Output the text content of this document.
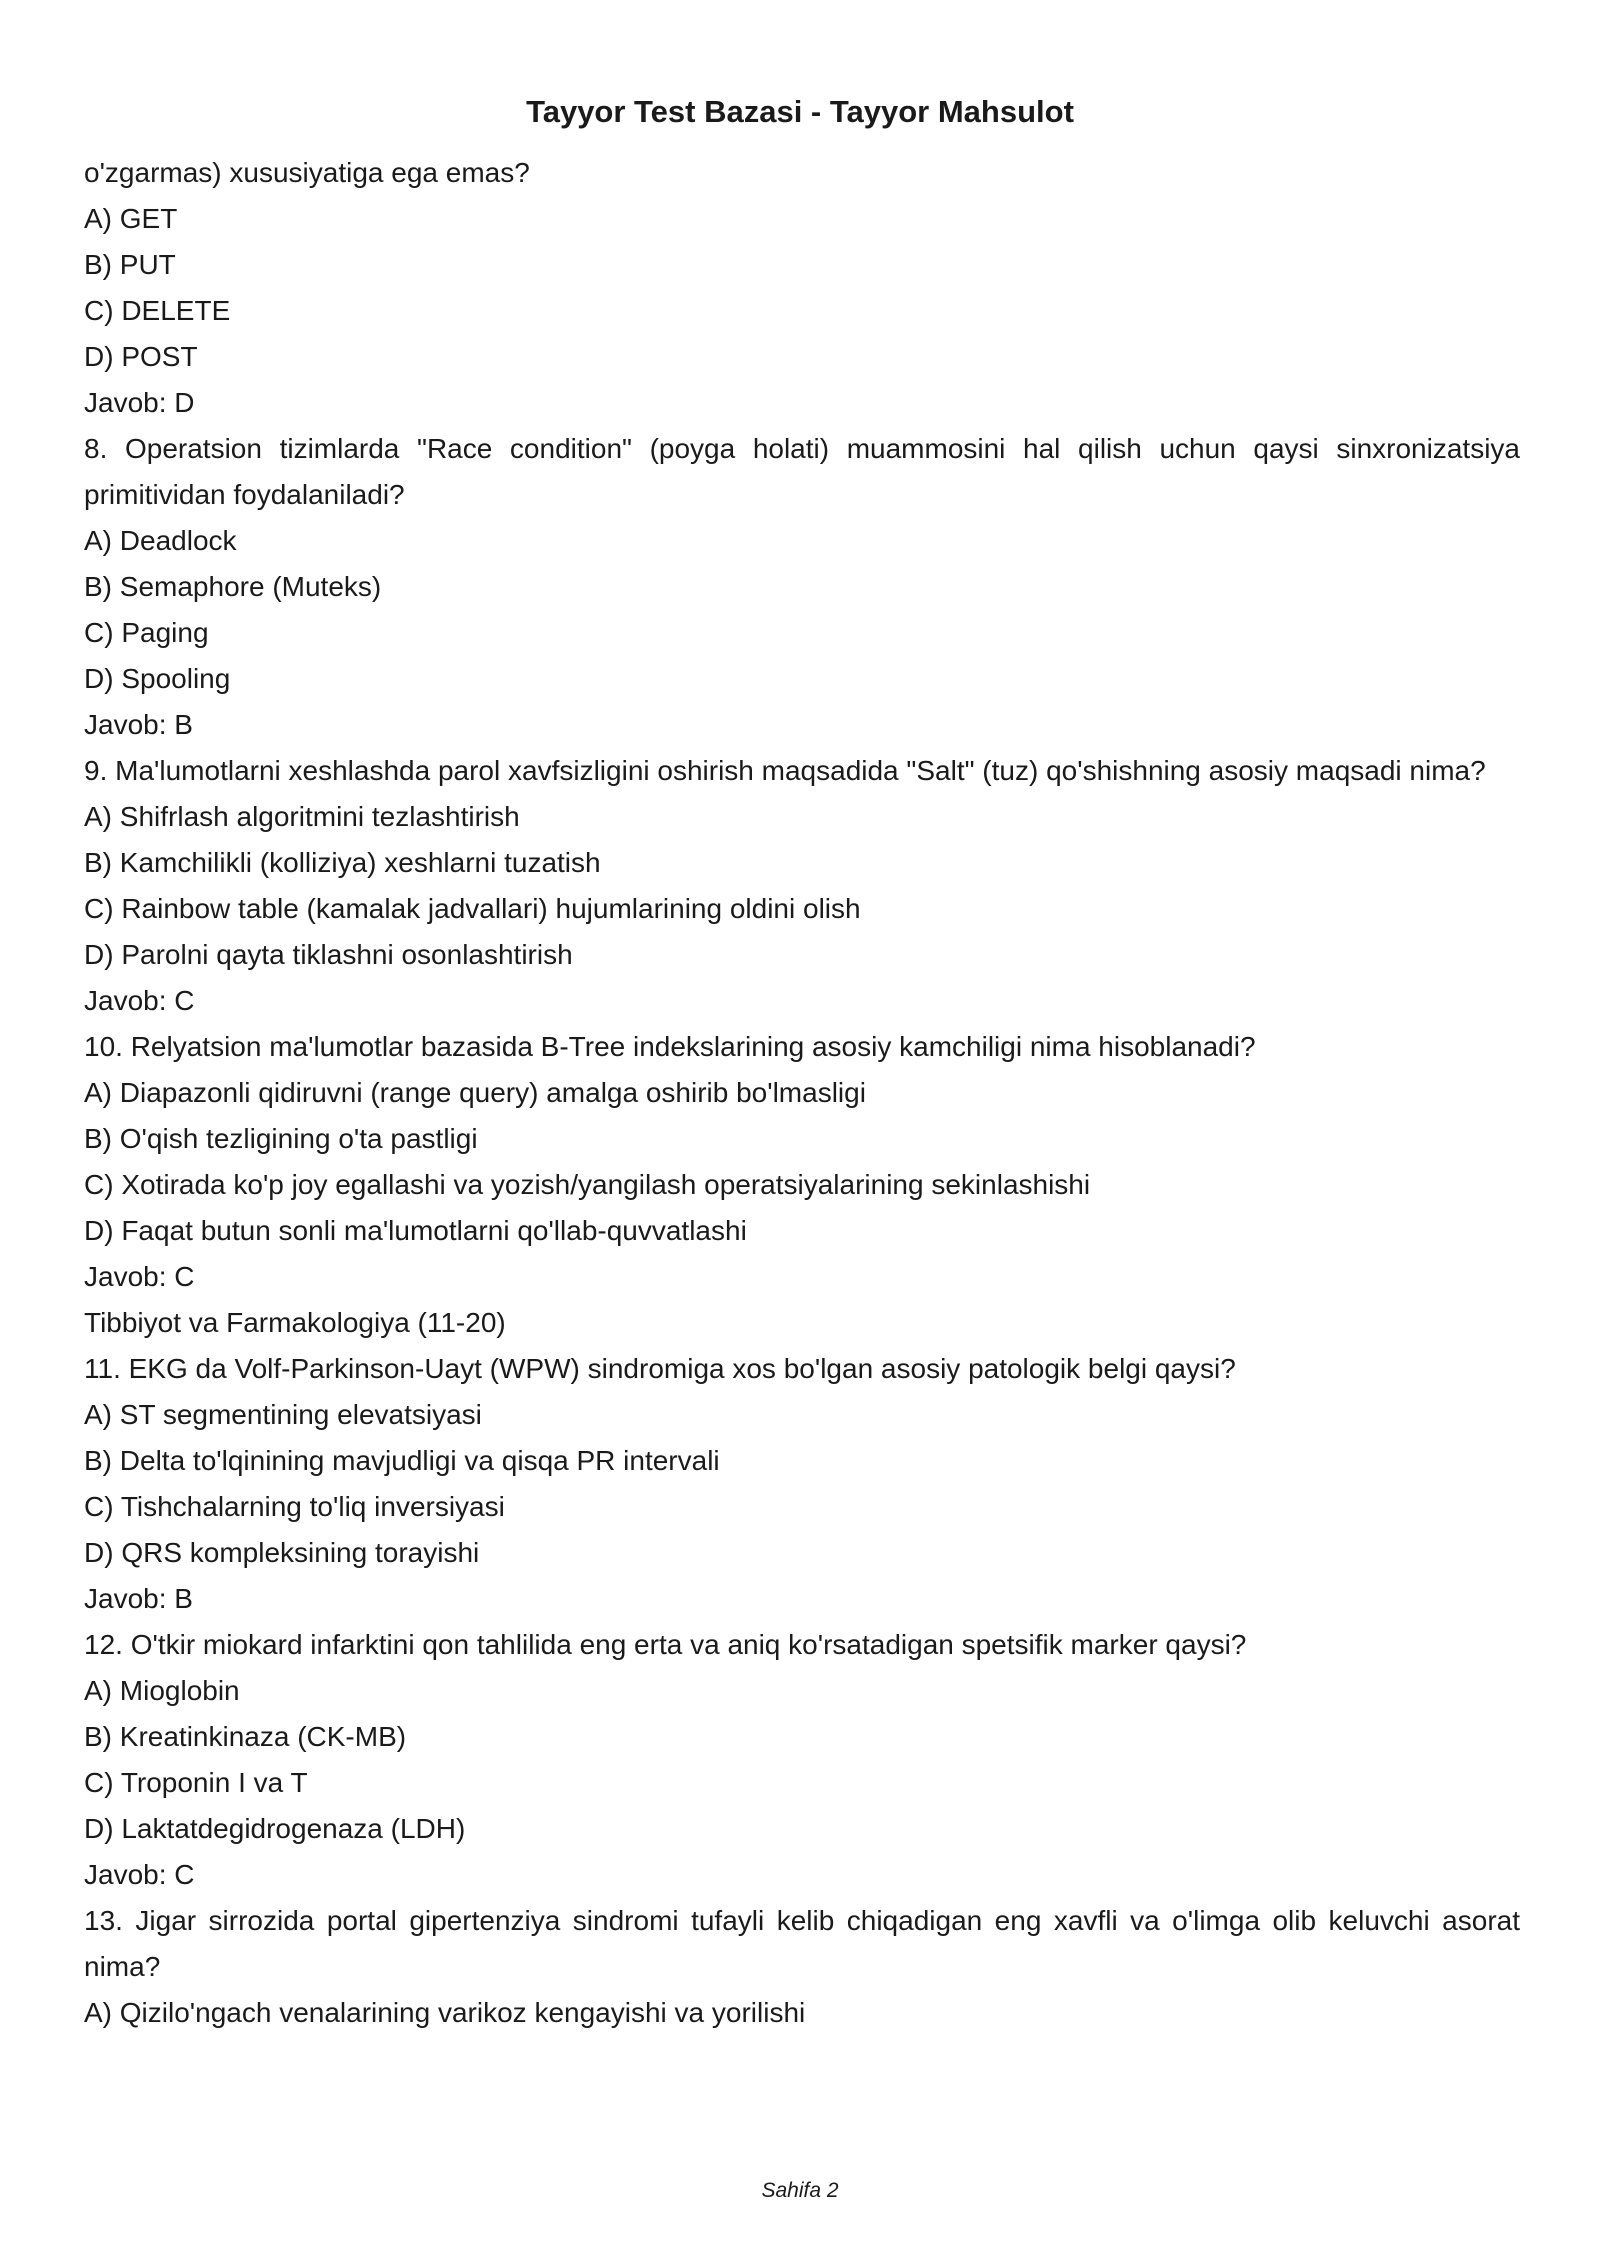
Tayyor Test Bazasi - Tayyor Mahsulot

o'zgarmas) xususiyatiga ega emas?

A) GET

B) PUT

C) DELETE

D) POST

Javob: D

8. Operatsion tizimlarda "Race condition" (poyga holati) muammosini hal qilish uchun qaysi sinxronizatsiya primitividan foydalaniladi?

A) Deadlock

B) Semaphore (Muteks)

C) Paging

D) Spooling

Javob: B

9. Ma'lumotlarni xeshlashda parol xavfsizligini oshirish maqsadida "Salt" (tuz) qo'shishning asosiy maqsadi nima?

A) Shifrlash algoritmini tezlashtirish

B) Kamchilikli (kolliziya) xeshlarni tuzatish

C) Rainbow table (kamalak jadvallari) hujumlarining oldini olish

D) Parolni qayta tiklashni osonlashtirish

Javob: C

10. Relyatsion ma'lumotlar bazasida B-Tree indekslarining asosiy kamchiligi nima hisoblanadi?

A) Diapazonli qidiruvni (range query) amalga oshirib bo'lmasligi

B) O'qish tezligining o'ta pastligi

C) Xotirada ko'p joy egallashi va yozish/yangilash operatsiyalarining sekinlashishi

D) Faqat butun sonli ma'lumotlarni qo'llab-quvvatlashi

Javob: C

Tibbiyot va Farmakologiya (11-20)

11. EKG da Volf-Parkinson-Uayt (WPW) sindromiga xos bo'lgan asosiy patologik belgi qaysi?

A) ST segmentining elevatsiyasi

B) Delta to'lqinining mavjudligi va qisqa PR intervali

C) Tishchalarning to'liq inversiyasi

D) QRS kompleksining torayishi

Javob: B

12. O'tkir miokard infarktini qon tahlilida eng erta va aniq ko'rsatadigan spetsifik marker qaysi?

A) Mioglobin

B) Kreatinkinaza (CK-MB)

C) Troponin I va T

D) Laktatdegidrogenaza (LDH)

Javob: C

13. Jigar sirrozida portal gipertenziya sindromi tufayli kelib chiqadigan eng xavfli va o'limga olib keluvchi asorat nima?

A) Qizilo'ngach venalarining varikoz kengayishi va yorilishi

Sahifa 2
